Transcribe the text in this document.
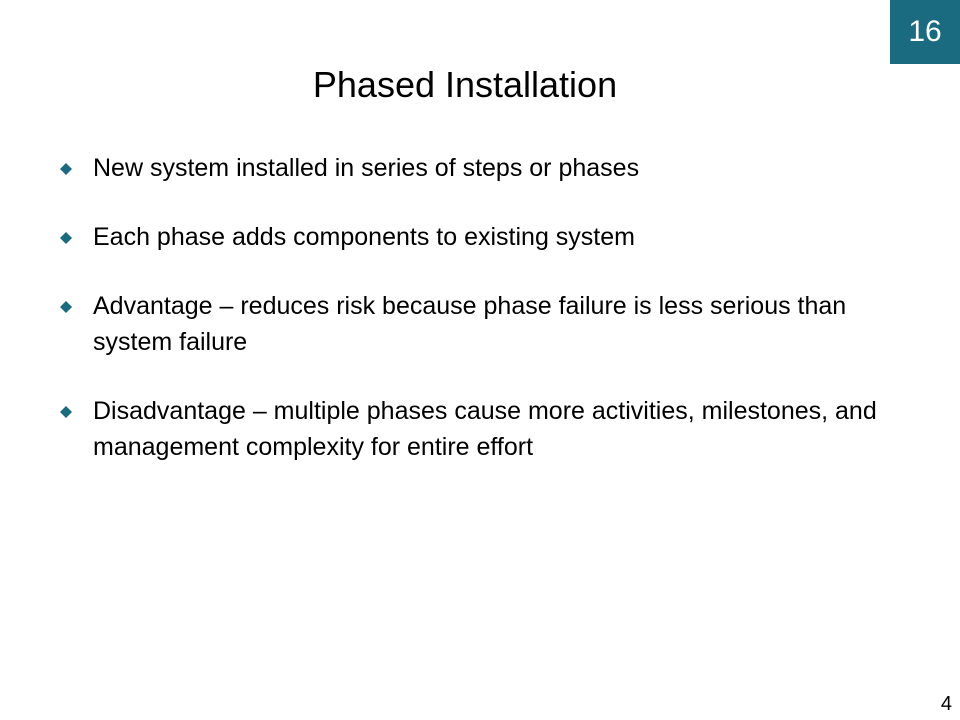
16
Phased Installation
New system installed in series of steps or phases
Each phase adds components to existing system
Advantage – reduces risk because phase failure is less serious than system failure
Disadvantage – multiple phases cause more activities, milestones, and management complexity for entire effort
4
